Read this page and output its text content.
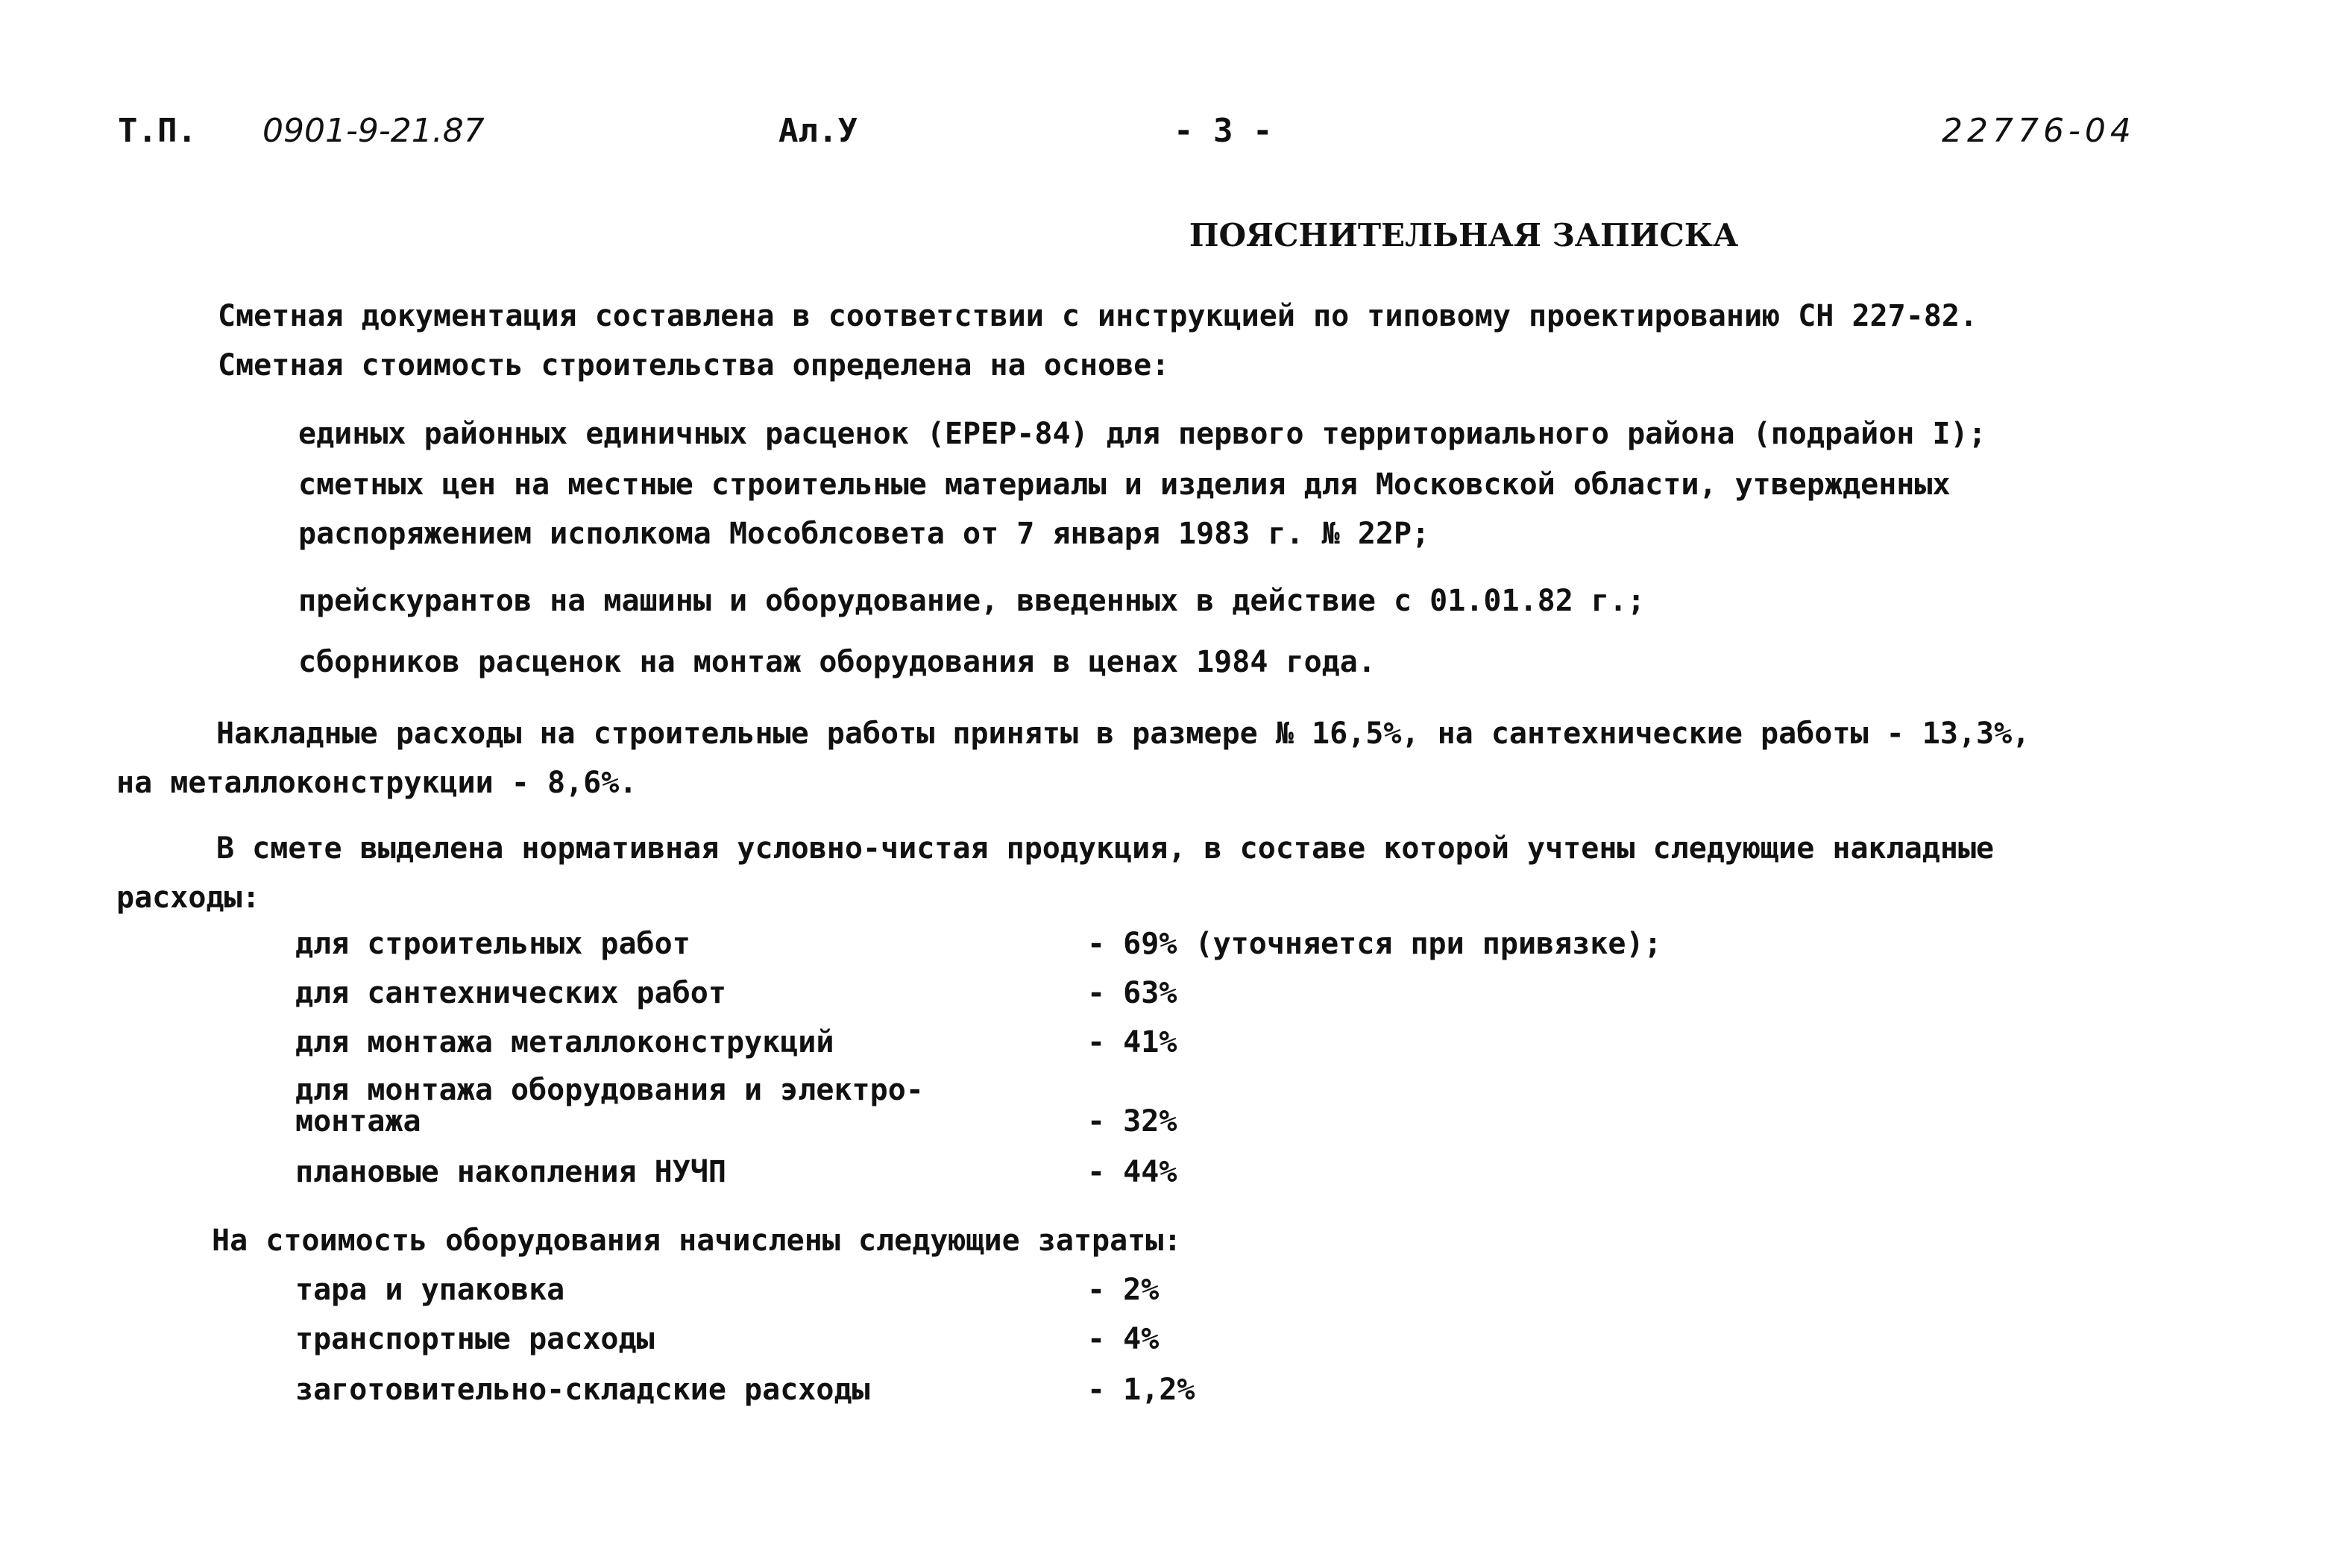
Т.П. 0901-9-21.87	Ал.У	- 3 -	22776-04
ПОЯСНИТЕЛЬНАЯ ЗАПИСКА
Сметная документация составлена в соответствии с инструкцией по типовому проектированию СН 227-82.
Сметная стоимость строительства определена на основе:
единых районных единичных расценок (ЕРЕР-84) для первого территориального района (подрайон I);
сметных цен на местные строительные материалы и изделия для Московской области, утвержденных
распоряжением исполкома Мособлсовета от 7 января 1983 г. № 22Р;
прейскурантов на машины и оборудование, введенных в действие с 01.01.82 г.;
сборников расценок на монтаж оборудования в ценах 1984 года.
Накладные расходы на строительные работы приняты в размере № 16,5%, на сантехнические работы - 13,3%,
на металлоконструкции - 8,6%.
В смете выделена нормативная условно-чистая продукция, в составе которой учтены следующие накладные
расходы:
для строительных работ	- 69% (уточняется при привязке);
для сантехнических работ	- 63%
для монтажа металлоконструкций	- 41%
для монтажа оборудования и электро-
монтажа	- 32%
плановые накопления НУЧП	- 44%
На стоимость оборудования начислены следующие затраты:
тара и упаковка	- 2%
транспортные расходы	- 4%
заготовительно-складские расходы	- 1,2%
